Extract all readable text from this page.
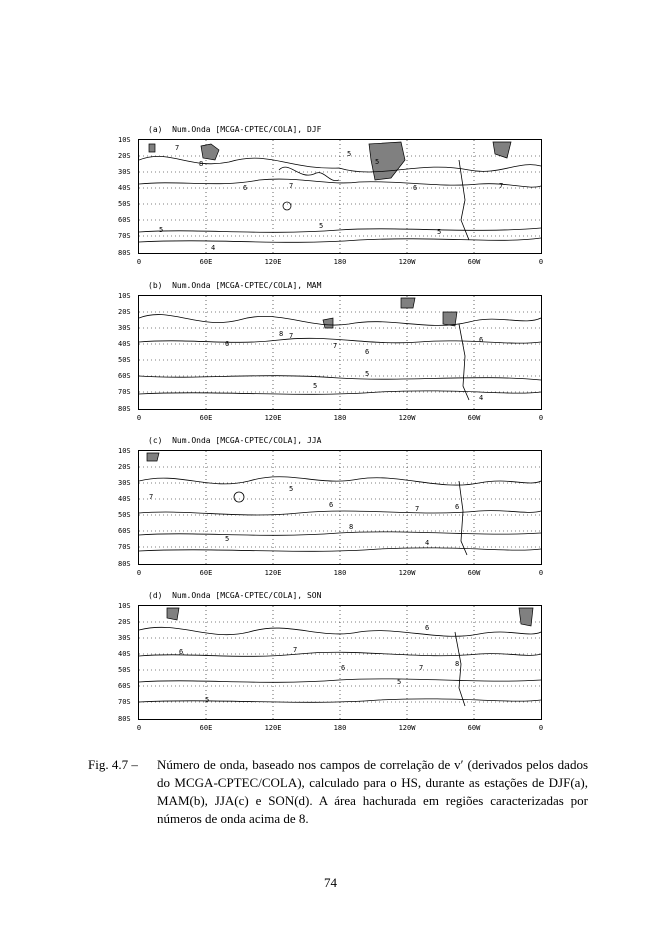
(a)  Num.Onda [MCGA-CPTEC/COLA], DJF
7
8
5
5
7
6
7
5
4
5
5
6
(b)  Num.Onda [MCGA-CPTEC/COLA], MAM
6
8 7
7
6
5
5
6
4
(c)  Num.Onda [MCGA-CPTEC/COLA], JJA
7
5
8
7	6
5
6
4
(d)  Num.Onda [MCGA-CPTEC/COLA], SON
6	7
6
5
7	8
6
5
10S
20S
30S
40S
50S
60S
70S
80S
10S
20S
30S
40S
50S
60S
70S
80S
10S
20S
30S
40S
50S
60S
70S
80S
10S
20S
30S
40S
50S
60S
70S
80S
0	60E	120E	180	120W	60W	0
0	60E	120E	180	120W	60W	0
0	60E	120E	180	120W	60W	0
0	60E	120E	180	120W	60W	0
Fig. 4.7 – Número de onda, baseado nos campos de correlação de v′ (derivados pelos dados do MCGA-CPTEC/COLA), calculado para o HS, durante as estações de DJF(a), MAM(b), JJA(c) e SON(d). A área hachurada em regiões caracterizadas por números de onda acima de 8.
74
